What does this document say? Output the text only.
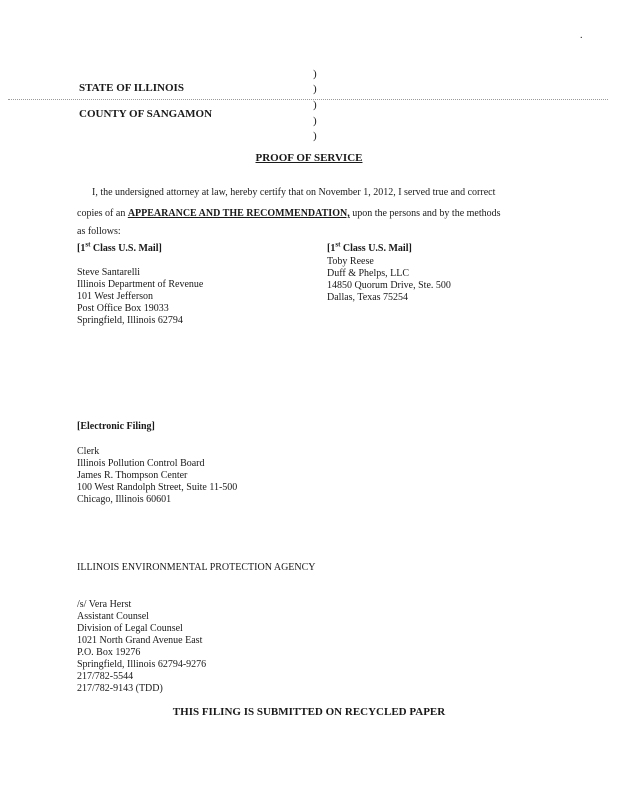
.
STATE OF ILLINOIS
COUNTY OF SANGAMON
)
)
)
)
)
PROOF OF SERVICE
I, the undersigned attorney at law, hereby certify that on November 1, 2012, I served true and correct
copies of an APPEARANCE AND THE RECOMMENDATION, upon the persons and by the methods
as follows:
[1st Class U.S. Mail]
Steve Santarelli
Illinois Department of Revenue
101 West Jefferson
Post Office Box 19033
Springfield, Illinois 62794
[1st Class U.S. Mail]
Toby Reese
Duff & Phelps, LLC
14850 Quorum Drive, Ste. 500
Dallas, Texas 75254
[Electronic Filing]
Clerk
Illinois Pollution Control Board
James R. Thompson Center
100 West Randolph Street, Suite 11-500
Chicago, Illinois 60601
ILLINOIS ENVIRONMENTAL PROTECTION AGENCY
/s/ Vera Herst
Assistant Counsel
Division of Legal Counsel
1021 North Grand Avenue East
P.O. Box 19276
Springfield, Illinois 62794-9276
217/782-5544
217/782-9143 (TDD)
THIS FILING IS SUBMITTED ON RECYCLED PAPER
